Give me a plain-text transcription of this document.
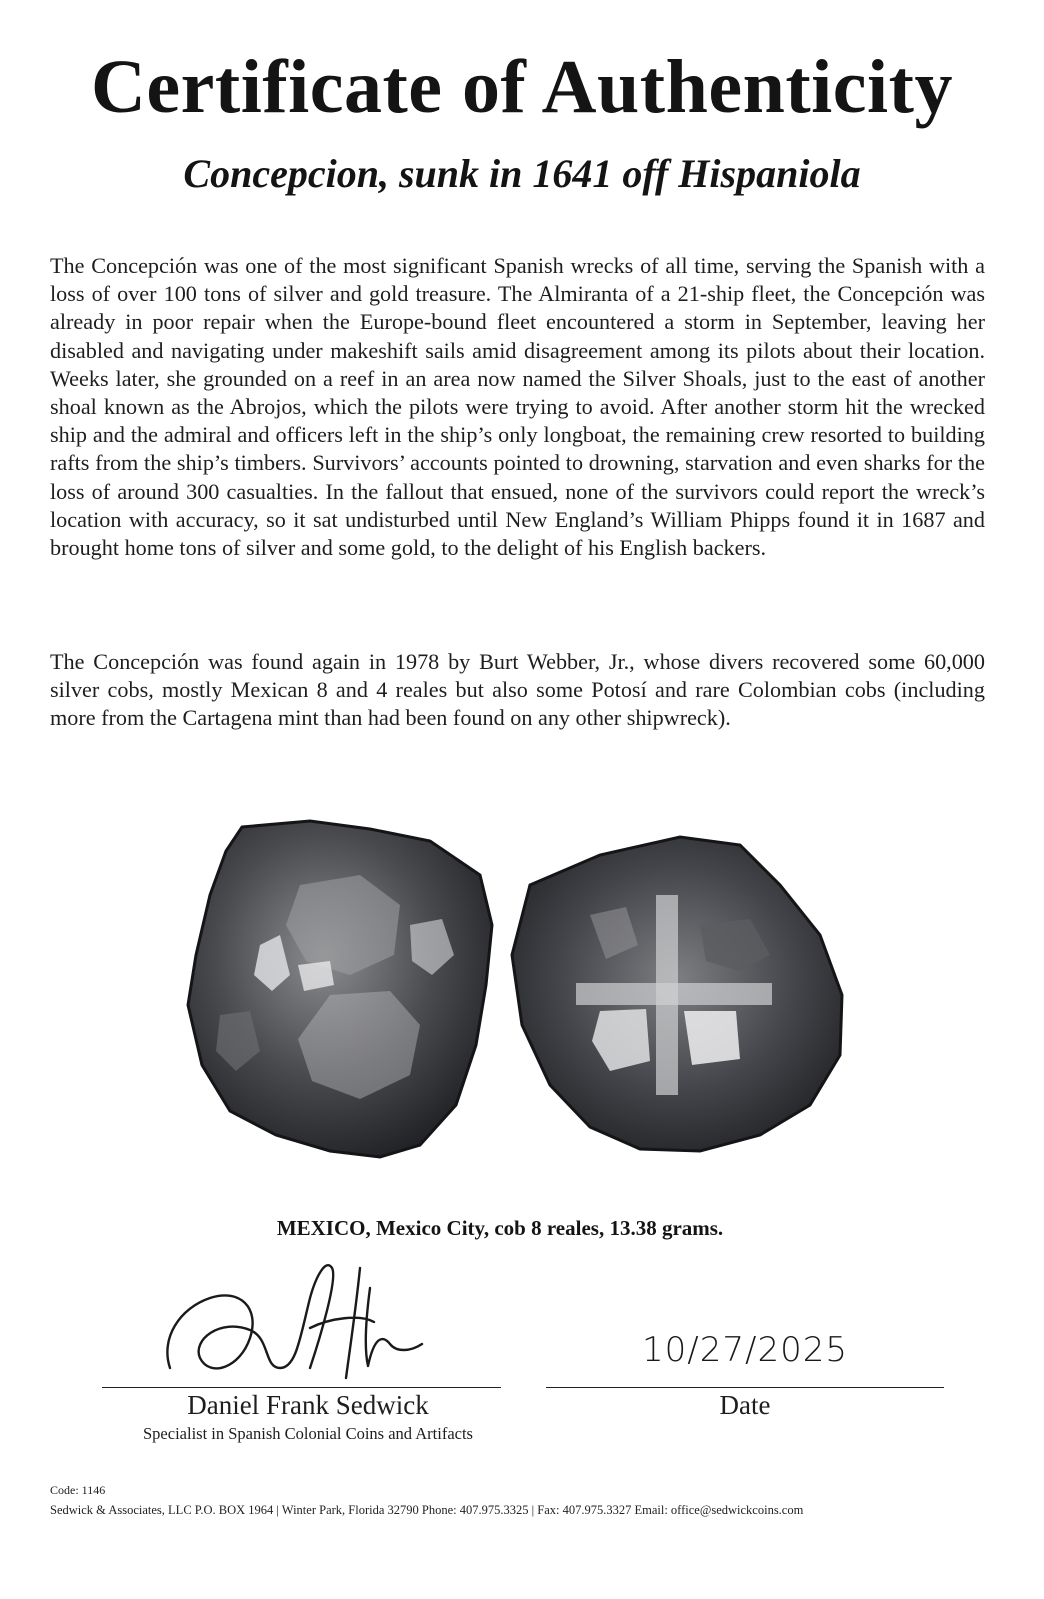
Certificate of Authenticity
Concepcion, sunk in 1641 off Hispaniola
The Concepción was one of the most significant Spanish wrecks of all time, serving the Spanish with a loss of over 100 tons of silver and gold treasure. The Almiranta of a 21-ship fleet, the Concepción was already in poor repair when the Europe-bound fleet encountered a storm in September, leaving her disabled and navigating under makeshift sails amid disagreement among its pilots about their location. Weeks later, she grounded on a reef in an area now named the Silver Shoals, just to the east of another shoal known as the Abrojos, which the pilots were trying to avoid. After another storm hit the wrecked ship and the admiral and officers left in the ship’s only longboat, the remaining crew resorted to building rafts from the ship’s timbers. Survivors’ accounts pointed to drowning, starvation and even sharks for the loss of around 300 casualties. In the fallout that ensued, none of the survivors could report the wreck’s location with accuracy, so it sat undisturbed until New England’s William Phipps found it in 1687 and brought home tons of silver and some gold, to the delight of his English backers.
The Concepción was found again in 1978 by Burt Webber, Jr., whose divers recovered some 60,000 silver cobs, mostly Mexican 8 and 4 reales but also some Potosí and rare Colombian cobs (including more from the Cartagena mint than had been found on any other shipwreck).
MEXICO, Mexico City, cob 8 reales, 13.38 grams.
10/27/2025
Daniel Frank Sedwick
Specialist in Spanish Colonial Coins and Artifacts
Date
Code: 1146
Sedwick & Associates, LLC P.O. BOX 1964 | Winter Park, Florida 32790 Phone: 407.975.3325 | Fax: 407.975.3327 Email: office@sedwickcoins.com
